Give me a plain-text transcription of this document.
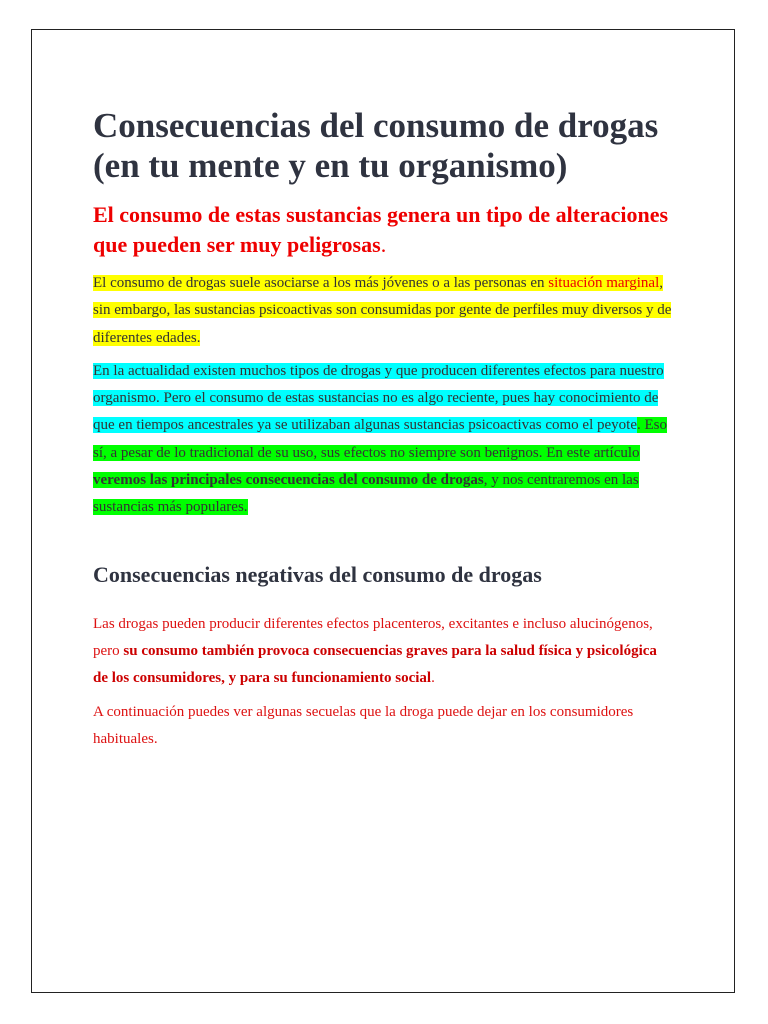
Consecuencias del consumo de drogas (en tu mente y en tu organismo)
El consumo de estas sustancias genera un tipo de alteraciones que pueden ser muy peligrosas.

El consumo de drogas suele asociarse a los más jóvenes o a las personas en situación marginal, sin embargo, las sustancias psicoactivas son consumidas por gente de perfiles muy diversos y de diferentes edades.

En la actualidad existen muchos tipos de drogas y que producen diferentes efectos para nuestro organismo. Pero el consumo de estas sustancias no es algo reciente, pues hay conocimiento de que en tiempos ancestrales ya se utilizaban algunas sustancias psicoactivas como el peyote. Eso sí, a pesar de lo tradicional de su uso, sus efectos no siempre son benignos. En este artículo veremos las principales consecuencias del consumo de drogas, y nos centraremos en las sustancias más populares.

Consecuencias negativas del consumo de drogas

Las drogas pueden producir diferentes efectos placenteros, excitantes e incluso alucinógenos, pero su consumo también provoca consecuencias graves para la salud física y psicológica de los consumidores, y para su funcionamiento social.

A continuación puedes ver algunas secuelas que la droga puede dejar en los consumidores habituales.
